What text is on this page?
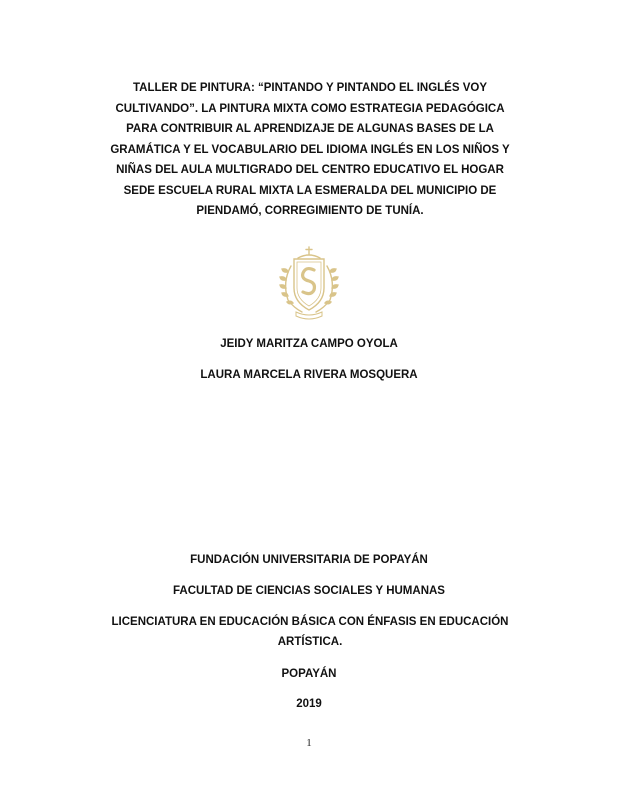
TALLER DE PINTURA: “PINTANDO Y PINTANDO EL INGLÉS VOY
CULTIVANDO”. LA PINTURA MIXTA COMO ESTRATEGIA PEDAGÓGICA
PARA CONTRIBUIR AL APRENDIZAJE DE ALGUNAS BASES DE LA
GRAMÁTICA Y EL VOCABULARIO DEL IDIOMA INGLÉS EN LOS NIÑOS Y
NIÑAS DEL AULA MULTIGRADO DEL CENTRO EDUCATIVO EL HOGAR
SEDE ESCUELA RURAL MIXTA LA ESMERALDA DEL MUNICIPIO DE
PIENDAMÓ, CORREGIMIENTO DE TUNÍA.

JEIDY MARITZA CAMPO OYOLA

LAURA MARCELA RIVERA MOSQUERA

FUNDACIÓN UNIVERSITARIA DE POPAYÁN

FACULTAD DE CIENCIAS SOCIALES Y HUMANAS

LICENCIATURA EN EDUCACIÓN BÁSICA CON ÉNFASIS EN EDUCACIÓN
ARTÍSTICA.

POPAYÁN

2019

1
